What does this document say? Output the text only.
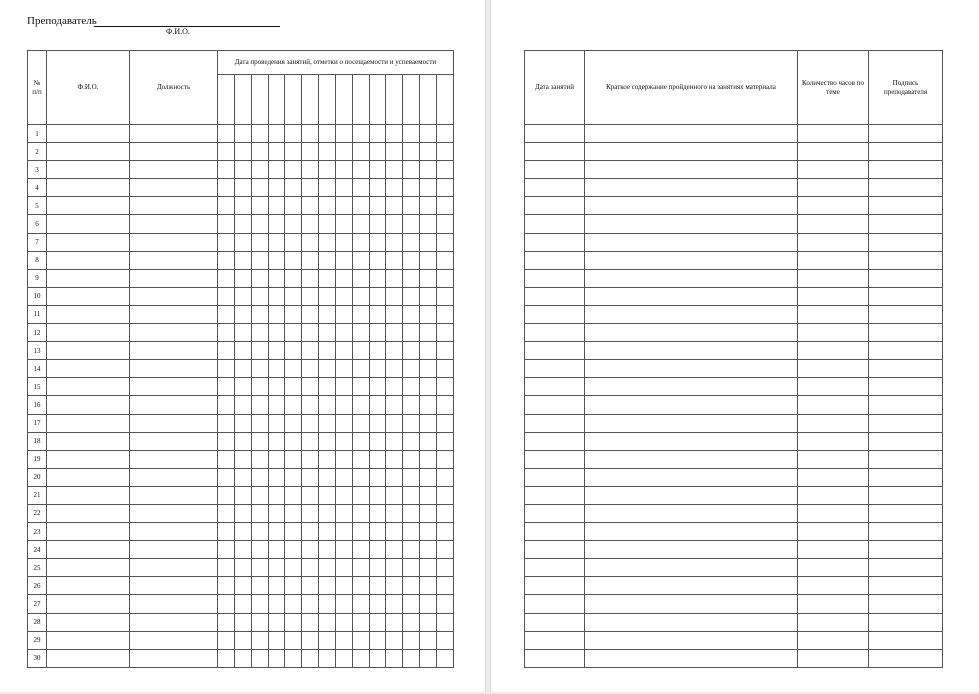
Преподаватель
Ф.И.О.
№
п/п	Ф.И.О.	Должность	Дата проведения занятий, отметки о посещаемости и успеваемости													

1																
2																
3																
4																
5																
6																
7																
8																
9																
10																
11																
12																
13																
14																
15																
16																
17																
18																
19																
20																
21																
22																
23																
24																
25																
26																
27																
28																
29																
30																
Дата занятий	Краткое содержание пройденного на занятиях материала	Количество часов по теме	Подпись преподавателя
